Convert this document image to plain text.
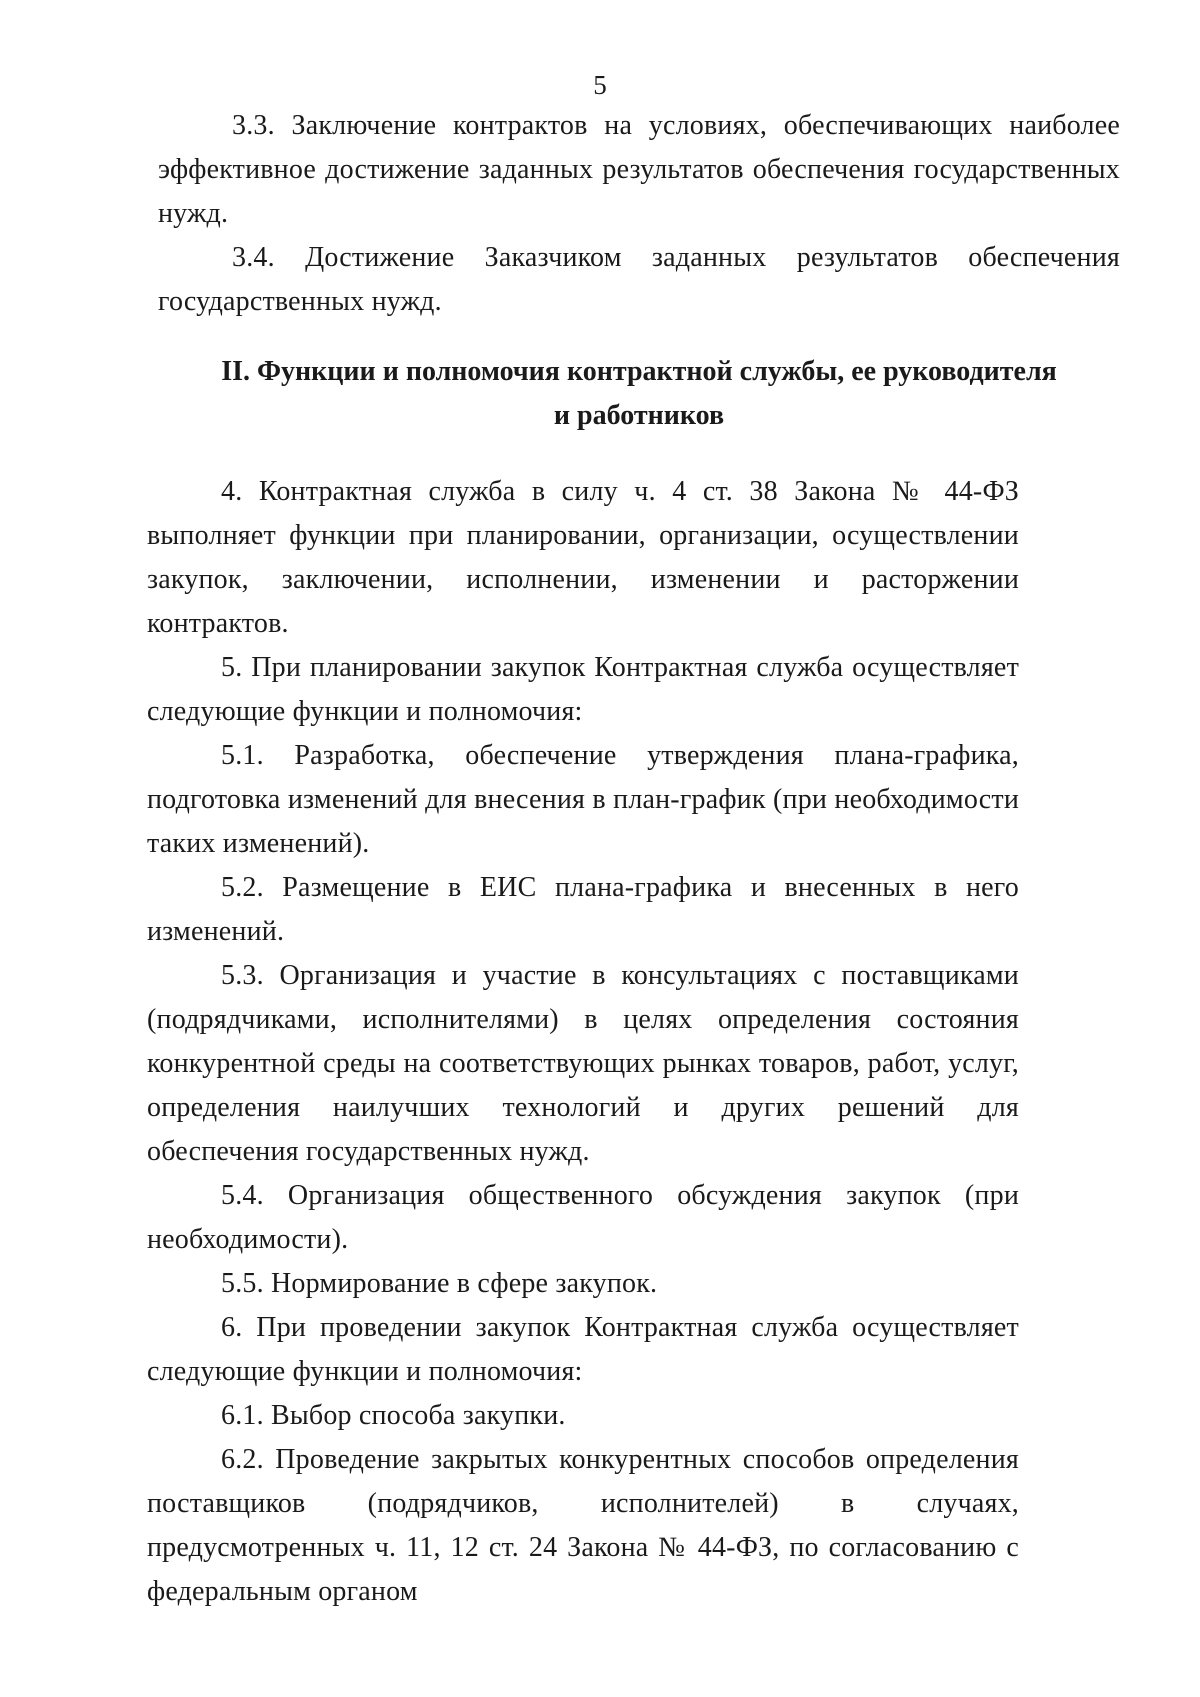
5

3.3. Заключение контрактов на условиях, обеспечивающих наиболее эффективное достижение заданных результатов обеспечения государственных нужд.

3.4. Достижение Заказчиком заданных результатов обеспечения государственных нужд.

II. Функции и полномочия контрактной службы, ее руководителя

и работников

4. Контрактная служба в силу ч. 4 ст. 38 Закона № 44-ФЗ выполняет функции при планировании, организации, осуществлении закупок, заключении, исполнении, изменении и расторжении контрактов.

5. При планировании закупок Контрактная служба осуществляет следующие функции и полномочия:

5.1. Разработка, обеспечение утверждения плана-графика, подготовка изменений для внесения в план-график (при необходимости таких изменений).

5.2. Размещение в ЕИС плана-графика и внесенных в него изменений.

5.3. Организация и участие в консультациях с поставщиками (подрядчиками, исполнителями) в целях определения состояния конкурентной среды на соответствующих рынках товаров, работ, услуг, определения наилучших технологий и других решений для обеспечения государственных нужд.

5.4. Организация общественного обсуждения закупок (при необходимости).

5.5. Нормирование в сфере закупок.

6. При проведении закупок Контрактная служба осуществляет следующие функции и полномочия:

6.1. Выбор способа закупки.

6.2. Проведение закрытых конкурентных способов определения поставщиков (подрядчиков, исполнителей) в случаях, предусмотренных ч. 11, 12 ст. 24 Закона № 44-ФЗ, по согласованию с федеральным органом
